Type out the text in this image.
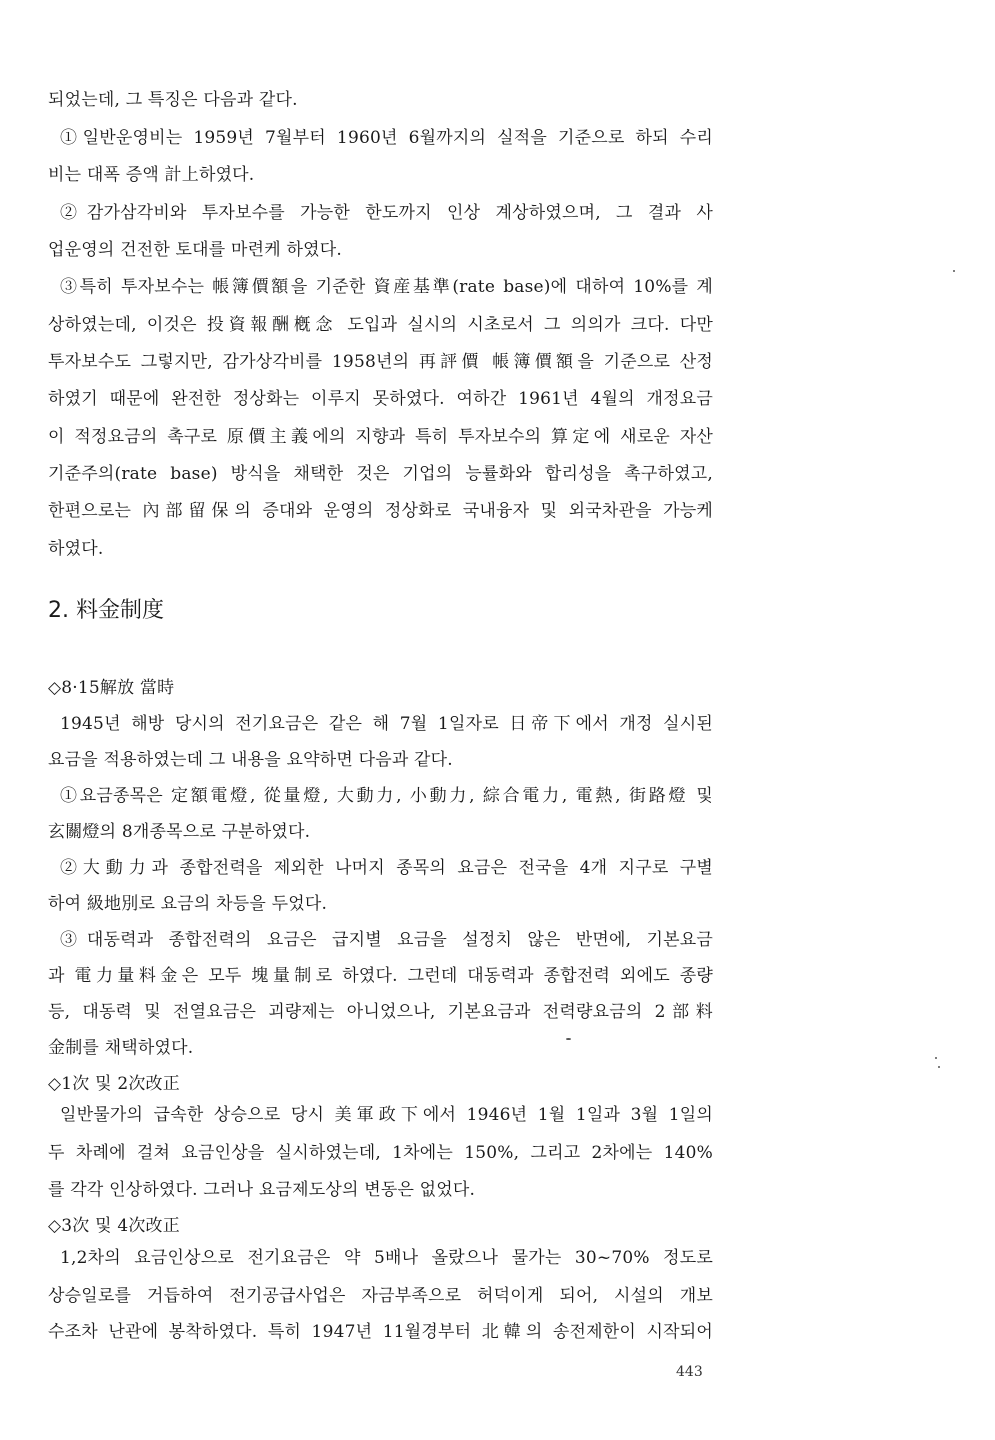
되었는데, 그 특징은 다음과 같다.
①일반운영비는 1959년 7월부터 1960년 6월까지의 실적을 기준으로 하되 수리
비는 대폭 증액 計上하였다.
②감가삼각비와 투자보수를 가능한 한도까지 인상 계상하였으며, 그 결과 사
업운영의 건전한 토대를 마련케 하였다.
③특히 투자보수는 帳簿價額을 기준한 資産基準(rate base)에 대하여 10%를 계
상하였는데, 이것은 投資報酬槪念 도입과 실시의 시초로서 그 의의가 크다. 다만
투자보수도 그렇지만, 감가상각비를 1958년의 再評價 帳簿價額을 기준으로 산정
하였기 때문에 완전한 정상화는 이루지 못하였다. 여하간 1961년 4월의 개정요금
이 적정요금의 촉구로 原價主義에의 지향과 특히 투자보수의 算定에 새로운 자산
기준주의(rate base) 방식을 채택한 것은 기업의 능률화와 합리성을 촉구하였고,
한편으로는 內部留保의 증대와 운영의 정상화로 국내융자 및 외국차관을 가능케
하였다.
2. 料金制度
◇8·15解放 當時
1945년 해방 당시의 전기요금은 같은 해 7월 1일자로 日帝下에서 개정 실시된
요금을 적용하였는데 그 내용을 요약하면 다음과 같다.
①요금종목은 定額電燈, 從量燈, 大動力, 小動力, 綜合電力, 電熱, 街路燈 및
玄關燈의 8개종목으로 구분하였다.
②大動力과 종합전력을 제외한 나머지 종목의 요금은 전국을 4개 지구로 구별
하여 級地別로 요금의 차등을 두었다.
③대동력과 종합전력의 요금은 급지별 요금을 설정치 않은 반면에, 기본요금
과 電力量料金은 모두 塊量制로 하였다. 그런데 대동력과 종합전력 외에도 종량
등, 대동력 및 전열요금은 괴량제는 아니었으나, 기본요금과 전력량요금의 2部料
金制를 채택하였다.
◇1次 및 2次改正
일반물가의 급속한 상승으로 당시 美軍政下에서 1946년 1월 1일과 3월 1일의
두 차례에 걸쳐 요금인상을 실시하였는데, 1차에는 150%, 그리고 2차에는 140%
를 각각 인상하였다. 그러나 요금제도상의 변동은 없었다.
◇3次 및 4次改正
1,2차의 요금인상으로 전기요금은 약 5배나 올랐으나 물가는 30~70% 정도로
상승일로를 거듭하여 전기공급사업은 자금부족으로 허덕이게 되어, 시설의 개보
수조차 난관에 봉착하였다. 특히 1947년 11월경부터 北韓의 송전제한이 시작되어
443
